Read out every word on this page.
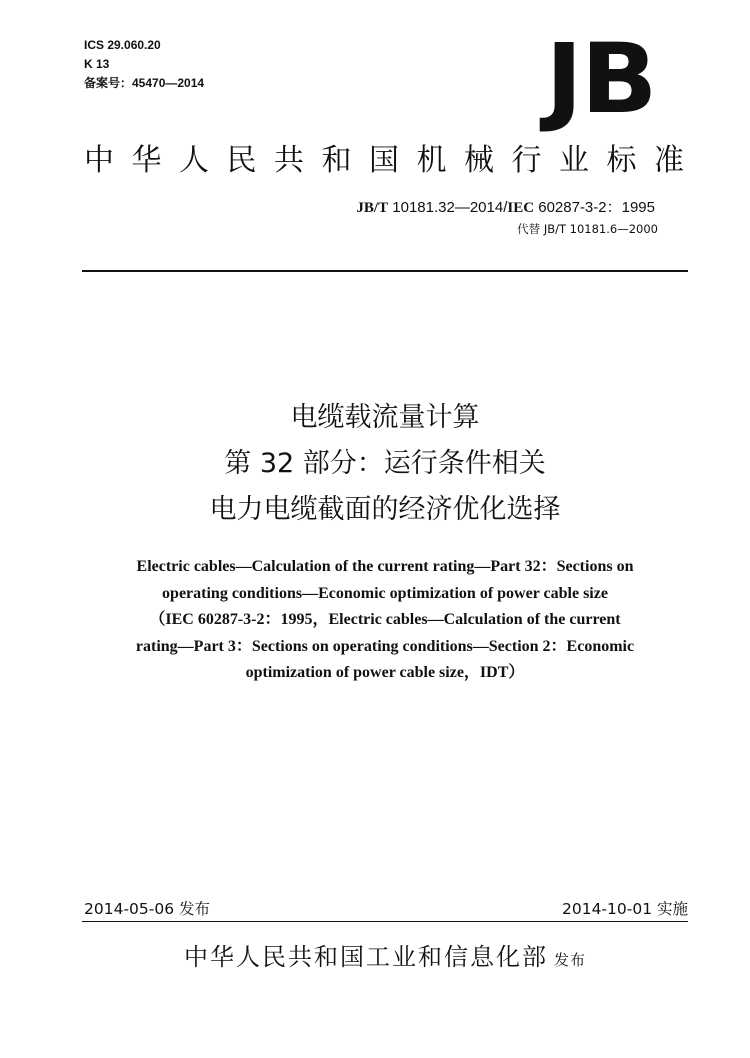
ICS 29.060.20
K 13
备案号：45470—2014	JB
中华人民共和国机械行业标准
JB/T 10181.32—2014/IEC 60287-3-2：1995
代替 JB/T 10181.6—2000
电缆载流量计算
第 32 部分：运行条件相关
电力电缆截面的经济优化选择
Electric cables—Calculation of the current rating—Part 32：Sections on
operating conditions—Economic optimization of power cable size
（IEC 60287-3-2：1995，Electric cables—Calculation of the current
rating—Part 3：Sections on operating conditions—Section 2：Economic
optimization of power cable size，IDT）
2014-05-06 发布	2014-10-01 实施
中华人民共和国工业和信息化部 发布
